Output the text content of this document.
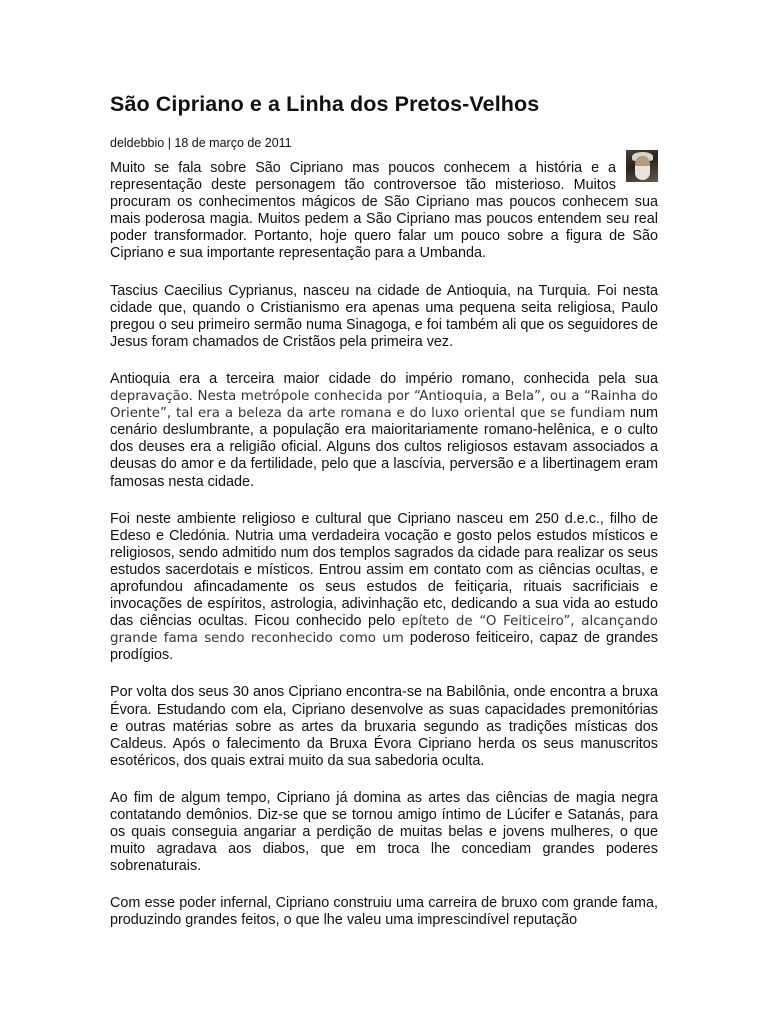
São Cipriano e a Linha dos Pretos-Velhos
deldebbio | 18 de março de 2011

Muito se fala sobre São Cipriano mas poucos conhecem a história e a representação deste personagem tão controversoe tão misterioso. Muitos procuram os conhecimentos mágicos de São Cipriano mas poucos conhecem sua mais poderosa magia. Muitos pedem a São Cipriano mas poucos entendem seu real poder transformador. Portanto, hoje quero falar um pouco sobre a figura de São Cipriano e sua importante representação para a Umbanda.

Tascius Caecilius Cyprianus, nasceu na cidade de Antioquia, na Turquia. Foi nesta cidade que, quando o Cristianismo era apenas uma pequena seita religiosa, Paulo pregou o seu primeiro sermão numa Sinagoga, e foi também ali que os seguidores de Jesus foram chamados de Cristãos pela primeira vez.

Antioquia era a terceira maior cidade do império romano, conhecida pela sua depravação. Nesta metrópole conhecida por “Antioquia, a Bela”, ou a “Rainha do Oriente”, tal era a beleza da arte romana e do luxo oriental que se fundiam num cenário deslumbrante, a população era maioritariamente romano-helênica, e o culto dos deuses era a religião oficial. Alguns dos cultos religiosos estavam associados a deusas do amor e da fertilidade, pelo que a lascívia, perversão e a libertinagem eram famosas nesta cidade.

Foi neste ambiente religioso e cultural que Cipriano nasceu em 250 d.e.c., filho de Edeso e Cledónia. Nutria uma verdadeira vocação e gosto pelos estudos místicos e religiosos, sendo admitido num dos templos sagrados da cidade para realizar os seus estudos sacerdotais e místicos. Entrou assim em contato com as ciências ocultas, e aprofundou afincadamente os seus estudos de feitiçaria, rituais sacrificiais e invocações de espíritos, astrologia, adivinhação etc, dedicando a sua vida ao estudo das ciências ocultas. Ficou conhecido pelo epíteto de “O Feiticeiro”, alcançando grande fama sendo reconhecido como um poderoso feiticeiro, capaz de grandes prodígios.

Por volta dos seus 30 anos Cipriano encontra-se na Babilônia, onde encontra a bruxa Évora. Estudando com ela, Cipriano desenvolve as suas capacidades premonitórias e outras matérias sobre as artes da bruxaria segundo as tradições místicas dos Caldeus. Após o falecimento da Bruxa Évora Cipriano herda os seus manuscritos esotéricos, dos quais extrai muito da sua sabedoria oculta.

Ao fim de algum tempo, Cipriano já domina as artes das ciências de magia negra contatando demônios. Diz-se que se tornou amigo íntimo de Lúcifer e Satanás, para os quais conseguia angariar a perdição de muitas belas e jovens mulheres, o que muito agradava aos diabos, que em troca lhe concediam grandes poderes sobrenaturais.

Com esse poder infernal, Cipriano construiu uma carreira de bruxo com grande fama, produzindo grandes feitos, o que lhe valeu uma imprescindível reputação
